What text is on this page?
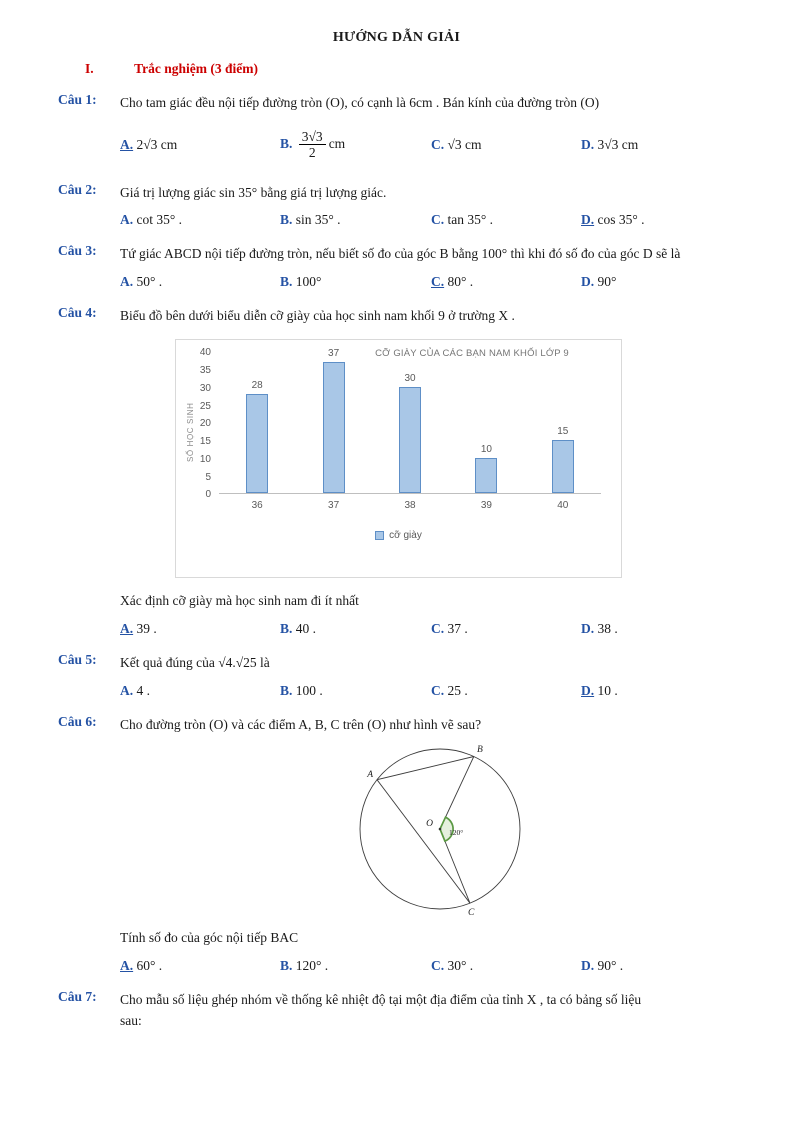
HƯỚNG DẪN GIẢI
I.	Trắc nghiệm (3 điểm)
Câu 1:	Cho tam giác đều nội tiếp đường tròn (O), có cạnh là 6cm . Bán kính của đường tròn (O)
A. 2√3 cm	B. $\frac{3√3}{2}$ cm	C. √3 cm	D. 3√3 cm
Câu 2:	Giá trị lượng giác sin 35° bằng giá trị lượng giác.
A. cot 35° .	B. sin 35° .	C. tan 35° .	D. cos 35° .
Câu 3:	Tứ giác ABCD nội tiếp đường tròn, nếu biết số đo của góc B bằng 100° thì khi đó số đo của góc D sẽ là
A. 50° .	B. 100°	C. 80° .	D. 90°
Câu 4:	Biểu đồ bên dưới biểu diễn cỡ giày của học sinh nam khối 9 ở trường X .
CỠ GIÀY CỦA CÁC BẠN NAM KHỐI LỚP 9
SỐ HỌC SINH
0
5
10
15
20
25
30
35
40
28
36
37
37
30
38
10
39
15
40
cỡ giày
Xác định cỡ giày mà học sinh nam đi ít nhất
A. 39 .	B. 40 .	C. 37 .	D. 38 .
Câu 5:	Kết quả đúng của √4.√25 là
A. 4 .	B. 100 .	C. 25 .	D. 10 .
Câu 6:	Cho đường tròn (O) và các điểm A, B, C trên (O) như hình vẽ sau?
A
B
C
O
120°
Tính số đo của góc nội tiếp BAC
A. 60° .	B. 120° .	C. 30° .	D. 90° .
Câu 7:	Cho mẫu số liệu ghép nhóm về thống kê nhiệt độ tại một địa điểm của tỉnh X , ta có bảng số liệu
sau:
